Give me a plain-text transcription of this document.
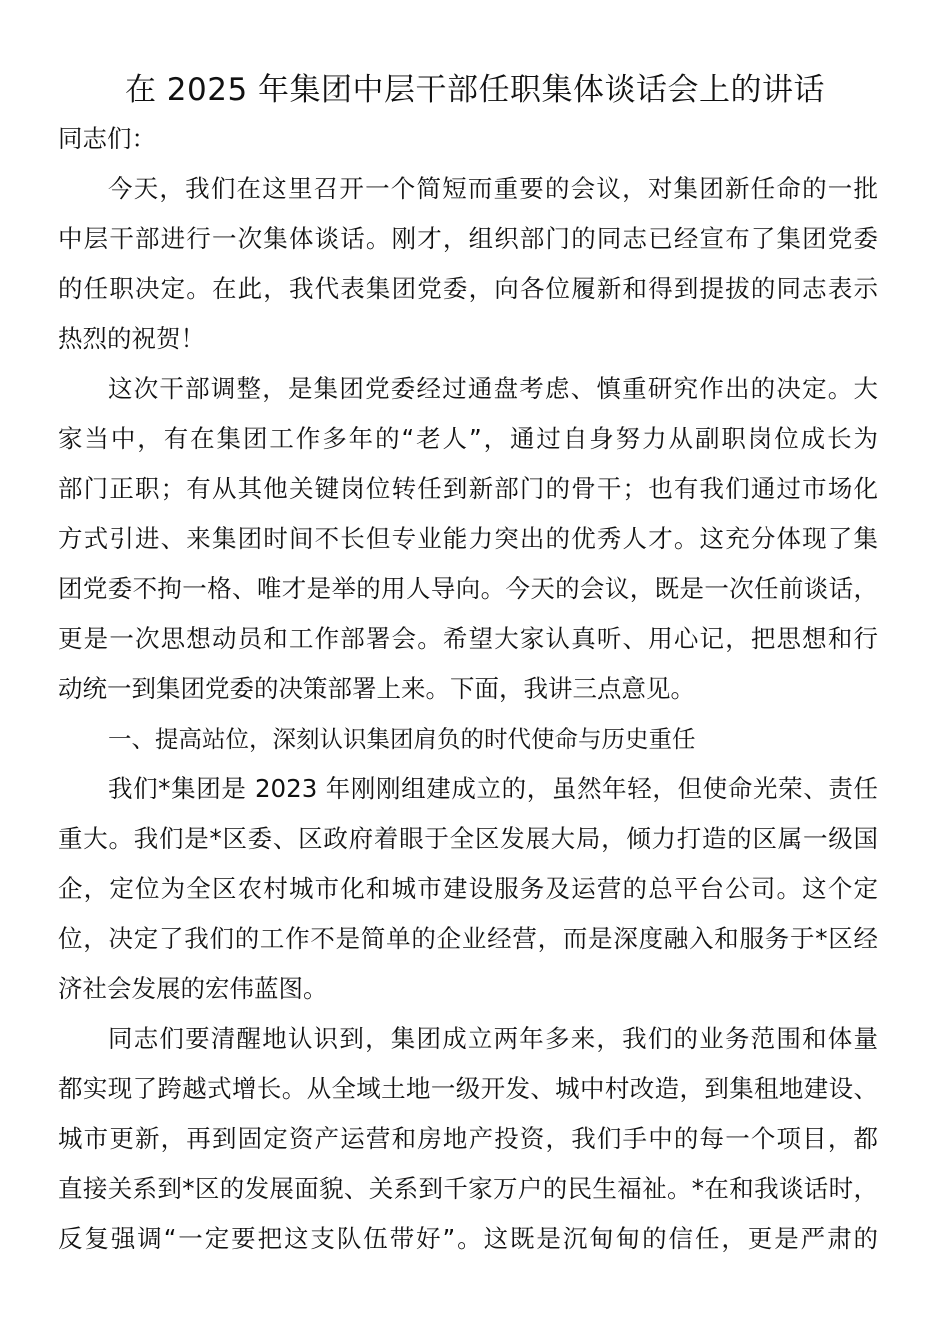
在 2025 年集团中层干部任职集体谈话会上的讲话
同志们：
今天，我们在这里召开一个简短而重要的会议，对集团新任命的一批
中层干部进行一次集体谈话。刚才，组织部门的同志已经宣布了集团党委
的任职决定。在此，我代表集团党委，向各位履新和得到提拔的同志表示
热烈的祝贺！
这次干部调整，是集团党委经过通盘考虑、慎重研究作出的决定。大
家当中，有在集团工作多年的“老人”，通过自身努力从副职岗位成长为
部门正职；有从其他关键岗位转任到新部门的骨干；也有我们通过市场化
方式引进、来集团时间不长但专业能力突出的优秀人才。这充分体现了集
团党委不拘一格、唯才是举的用人导向。今天的会议，既是一次任前谈话，
更是一次思想动员和工作部署会。希望大家认真听、用心记，把思想和行
动统一到集团党委的决策部署上来。下面，我讲三点意见。
一、提高站位，深刻认识集团肩负的时代使命与历史重任
我们*集团是 2023 年刚刚组建成立的，虽然年轻，但使命光荣、责任
重大。我们是*区委、区政府着眼于全区发展大局，倾力打造的区属一级国
企，定位为全区农村城市化和城市建设服务及运营的总平台公司。这个定
位，决定了我们的工作不是简单的企业经营，而是深度融入和服务于*区经
济社会发展的宏伟蓝图。
同志们要清醒地认识到，集团成立两年多来，我们的业务范围和体量
都实现了跨越式增长。从全域土地一级开发、城中村改造，到集租地建设、
城市更新，再到固定资产运营和房地产投资，我们手中的每一个项目，都
直接关系到*区的发展面貌、关系到千家万户的民生福祉。*在和我谈话时，
反复强调“一定要把这支队伍带好”。这既是沉甸甸的信任，更是严肃的
